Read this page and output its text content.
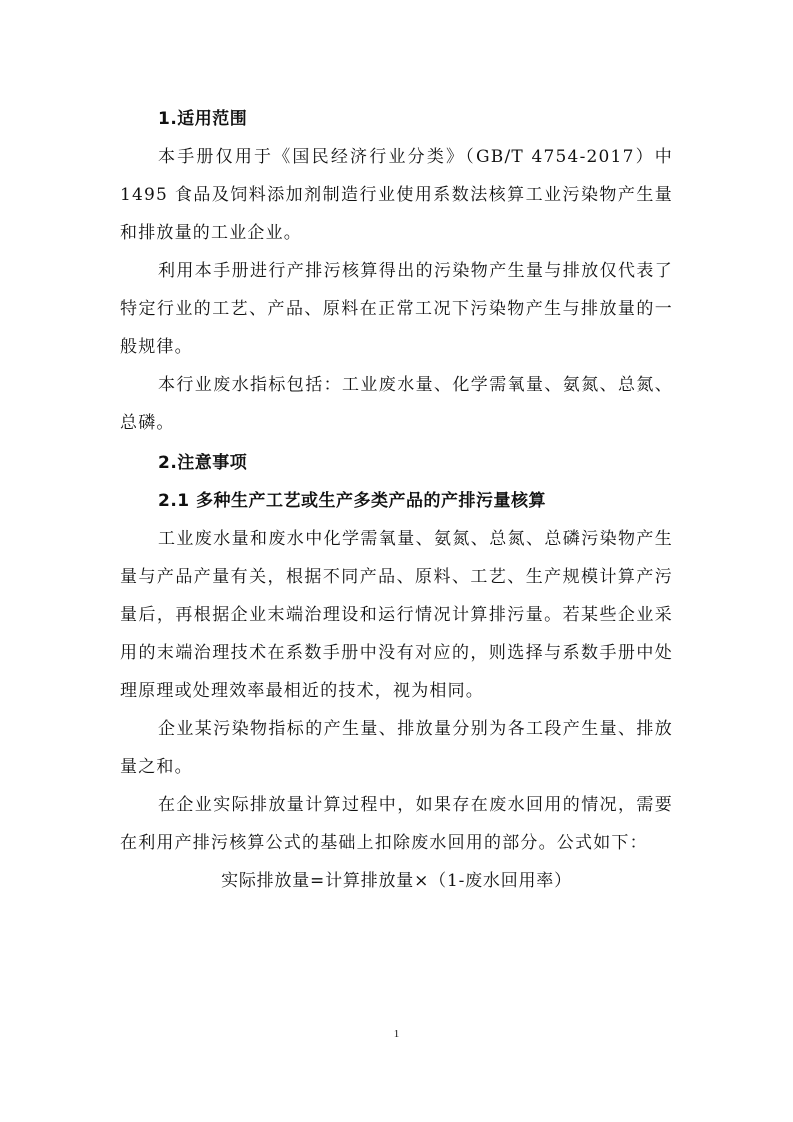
1.适用范围

本手册仅用于《国民经济行业分类》（GB/T 4754-2017）中 1495 食品及饲料添加剂制造行业使用系数法核算工业污染物产生量和排放量的工业企业。

利用本手册进行产排污核算得出的污染物产生量与排放仅代表了特定行业的工艺、产品、原料在正常工况下污染物产生与排放量的一般规律。

本行业废水指标包括：工业废水量、化学需氧量、氨氮、总氮、总磷。

2.注意事项
2.1 多种生产工艺或生产多类产品的产排污量核算

工业废水量和废水中化学需氧量、氨氮、总氮、总磷污染物产生量与产品产量有关，根据不同产品、原料、工艺、生产规模计算产污量后，再根据企业末端治理设和运行情况计算排污量。若某些企业采用的末端治理技术在系数手册中没有对应的，则选择与系数手册中处理原理或处理效率最相近的技术，视为相同。

企业某污染物指标的产生量、排放量分别为各工段产生量、排放量之和。

在企业实际排放量计算过程中，如果存在废水回用的情况，需要在利用产排污核算公式的基础上扣除废水回用的部分。公式如下：

实际排放量=计算排放量×（1-废水回用率）

1
